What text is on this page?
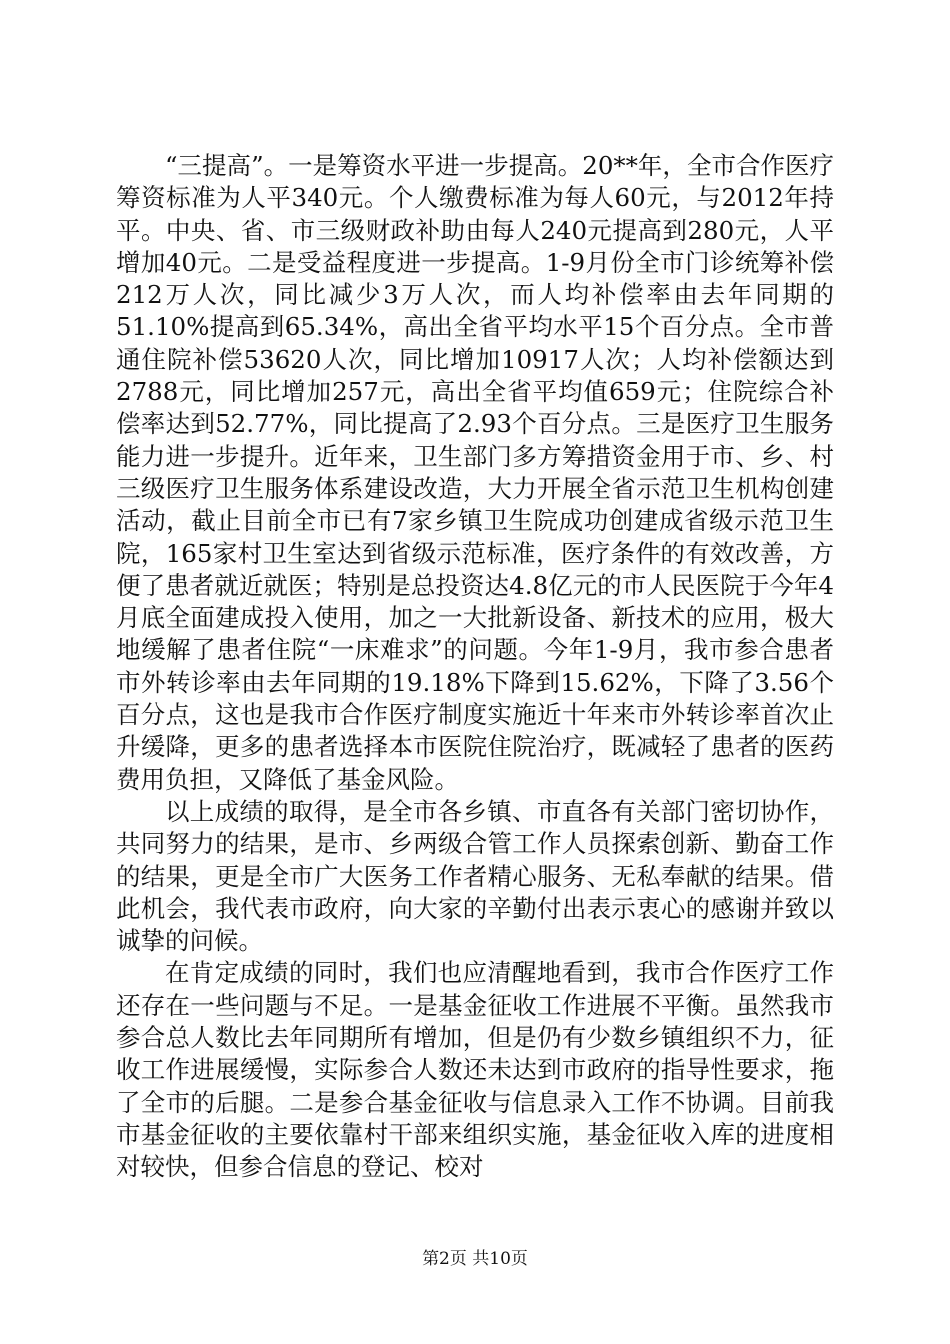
“三提高”。一是筹资水平进一步提高。20**年，全市合作医疗筹资标准为人平340元。个人缴费标准为每人60元，与2012年持平。中央、省、市三级财政补助由每人240元提高到280元，人平增加40元。二是受益程度进一步提高。1-9月份全市门诊统筹补偿212万人次，同比减少3万人次，而人均补偿率由去年同期的51.10%提高到65.34%，高出全省平均水平15个百分点。全市普通住院补偿53620人次，同比增加10917人次；人均补偿额达到2788元，同比增加257元，高出全省平均值659元；住院综合补偿率达到52.77%，同比提高了2.93个百分点。三是医疗卫生服务能力进一步提升。近年来，卫生部门多方筹措资金用于市、乡、村三级医疗卫生服务体系建设改造，大力开展全省示范卫生机构创建活动，截止目前全市已有7家乡镇卫生院成功创建成省级示范卫生院，165家村卫生室达到省级示范标准，医疗条件的有效改善，方便了患者就近就医；特别是总投资达4.8亿元的市人民医院于今年4月底全面建成投入使用，加之一大批新设备、新技术的应用，极大地缓解了患者住院“一床难求”的问题。今年1-9月，我市参合患者市外转诊率由去年同期的19.18%下降到15.62%，下降了3.56个百分点，这也是我市合作医疗制度实施近十年来市外转诊率首次止升缓降，更多的患者选择本市医院住院治疗，既减轻了患者的医药费用负担，又降低了基金风险。

以上成绩的取得，是全市各乡镇、市直各有关部门密切协作，共同努力的结果，是市、乡两级合管工作人员探索创新、勤奋工作的结果，更是全市广大医务工作者精心服务、无私奉献的结果。借此机会，我代表市政府，向大家的辛勤付出表示衷心的感谢并致以诚挚的问候。

在肯定成绩的同时，我们也应清醒地看到，我市合作医疗工作还存在一些问题与不足。一是基金征收工作进展不平衡。虽然我市参合总人数比去年同期所有增加，但是仍有少数乡镇组织不力，征收工作进展缓慢，实际参合人数还未达到市政府的指导性要求，拖了全市的后腿。二是参合基金征收与信息录入工作不协调。目前我市基金征收的主要依靠村干部来组织实施，基金征收入库的进度相对较快，但参合信息的登记、校对

第2页 共10页
